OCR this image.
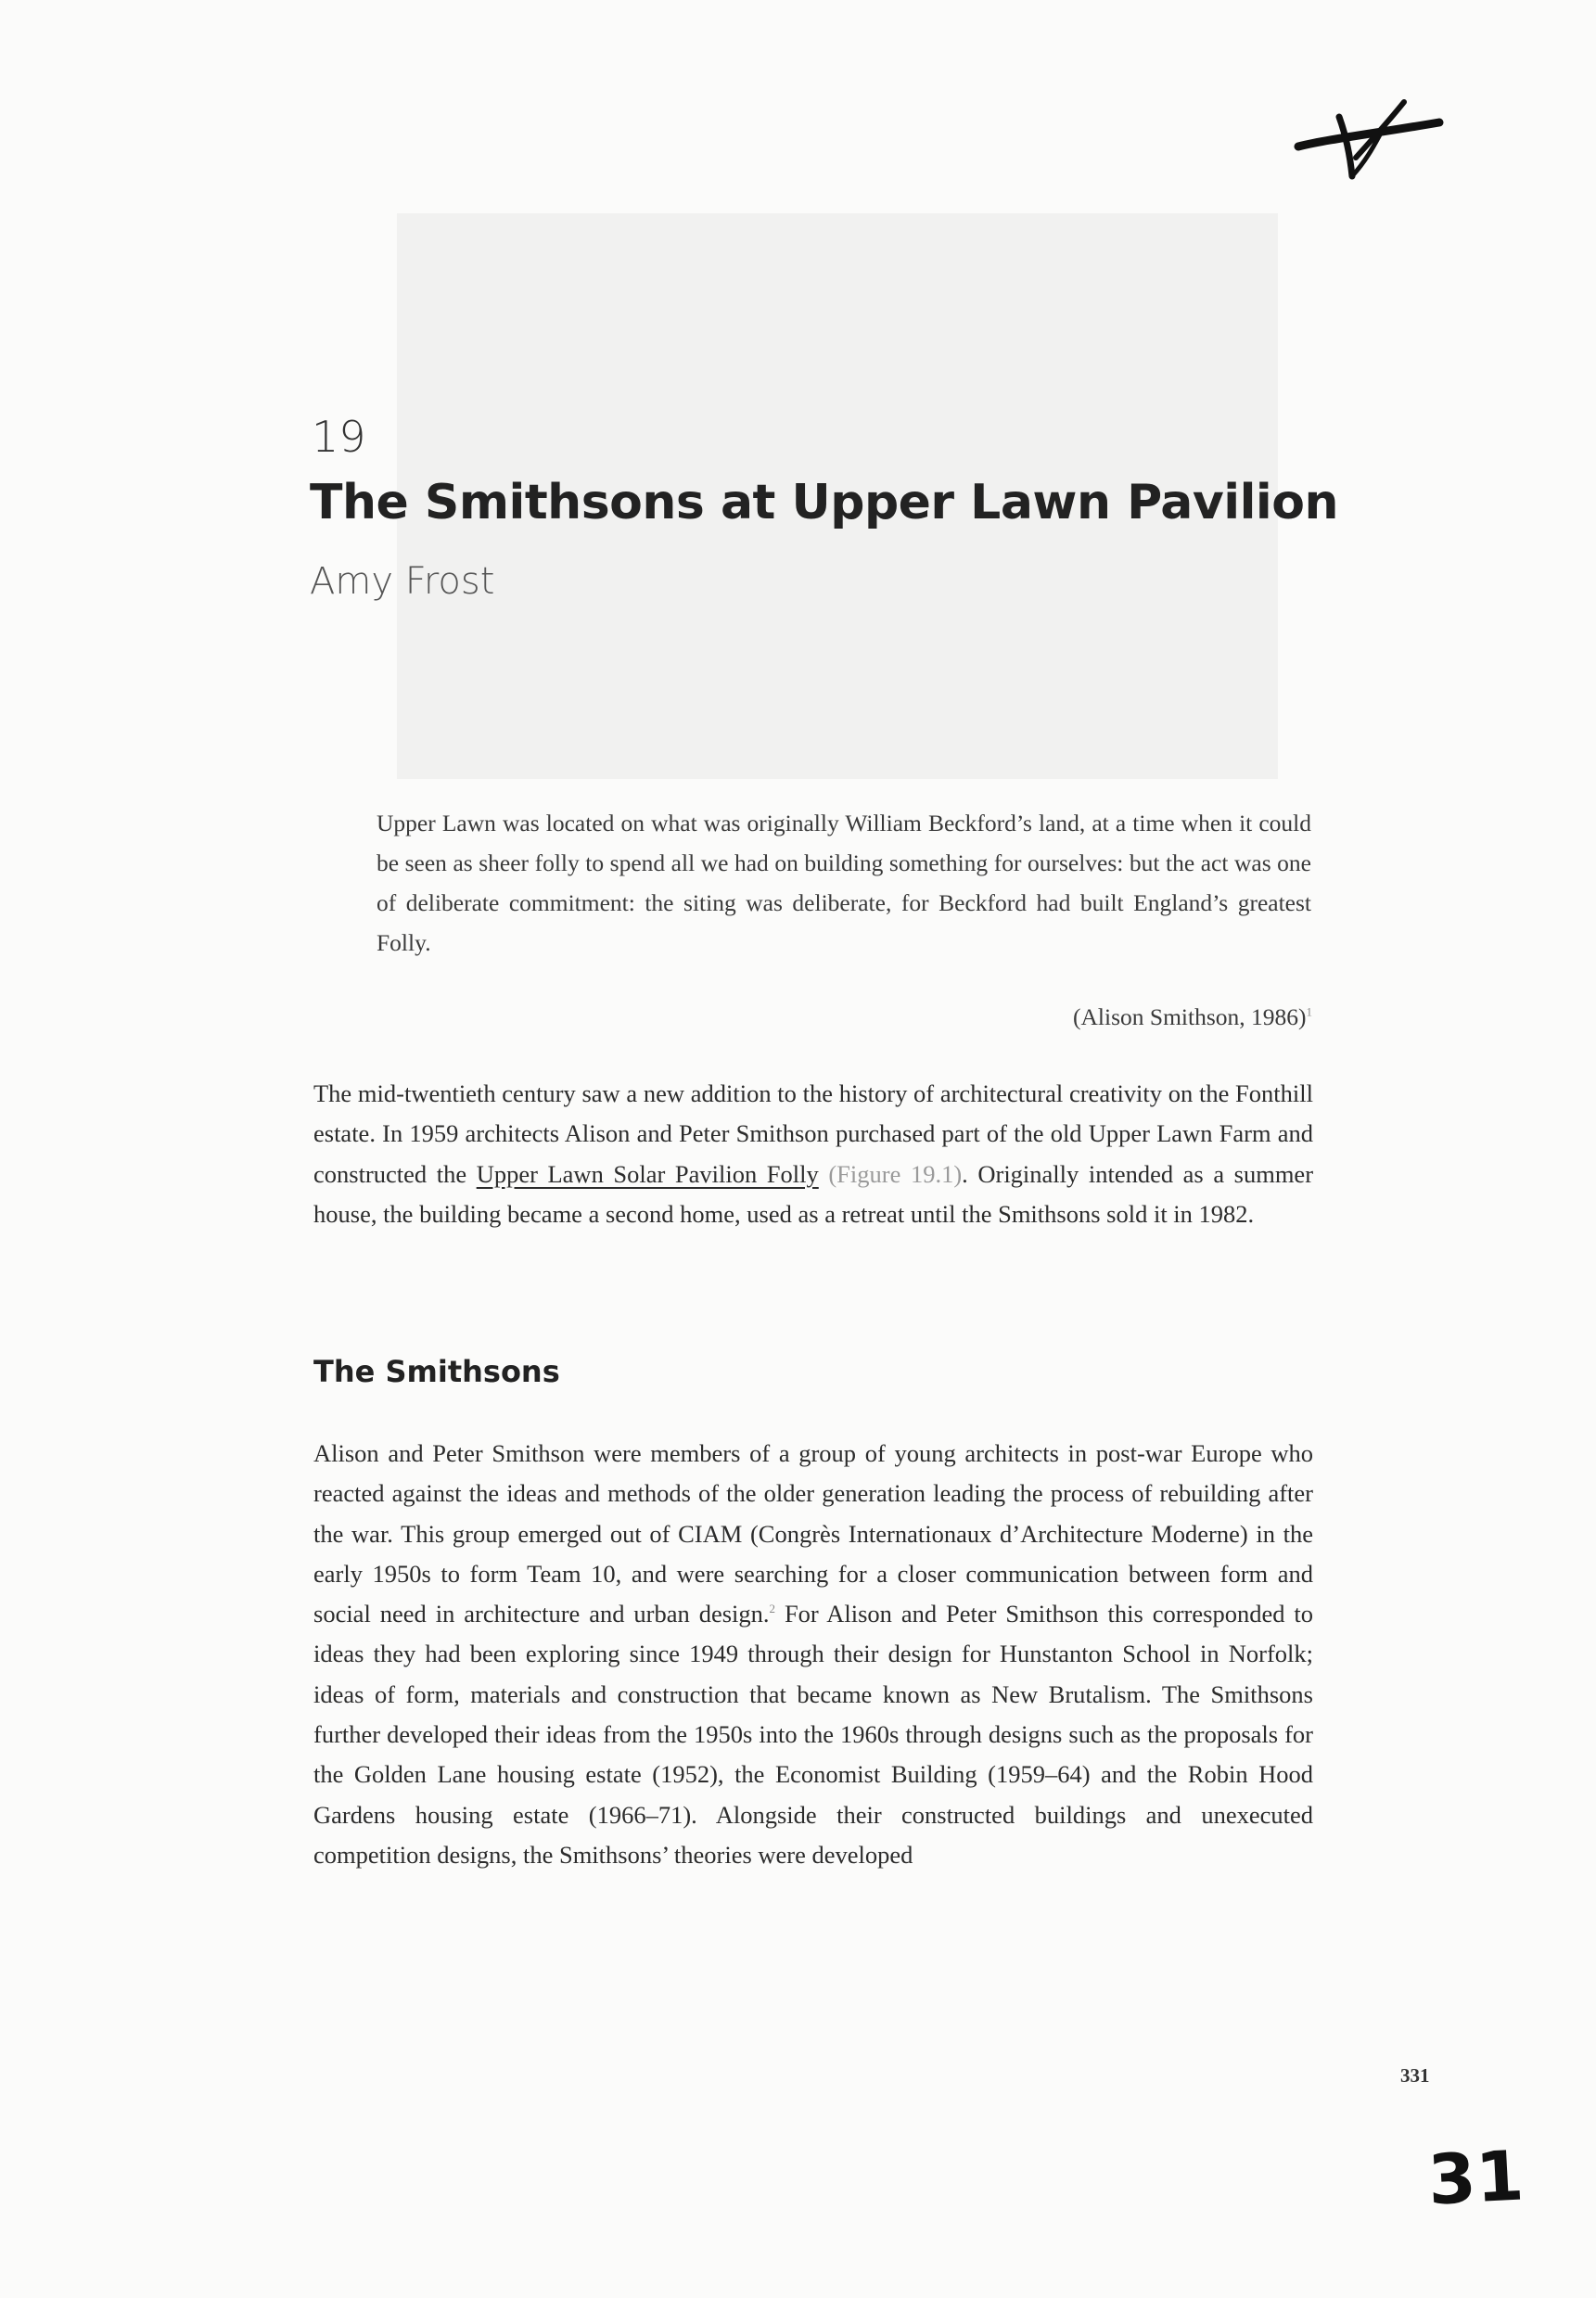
19
The Smithsons at Upper Lawn Pavilion
Amy Frost
Upper Lawn was located on what was originally William Beckford’s land, at a time when it could be seen as sheer folly to spend all we had on building something for ourselves: but the act was one of deliberate commitment: the siting was deliberate, for Beckford had built England’s greatest Folly.
(Alison Smithson, 1986)$^1$
The mid-twentieth century saw a new addition to the history of architectural creativity on the Fonthill estate. In 1959 architects Alison and Peter Smithson purchased part of the old Upper Lawn Farm and constructed the Upper Lawn Solar Pavilion Folly (Figure 19.1). Originally intended as a summer house, the building became a second home, used as a retreat until the Smithsons sold it in 1982.
The Smithsons
Alison and Peter Smithson were members of a group of young architects in post-war Europe who reacted against the ideas and methods of the older generation leading the process of rebuilding after the war. This group emerged out of CIAM (Congrès Internationaux d’Architecture Moderne) in the early 1950s to form Team 10, and were searching for a closer communication between form and social need in architecture and urban design.$^2$ For Alison and Peter Smithson this corresponded to ideas they had been exploring since 1949 through their design for Hunstanton School in Norfolk; ideas of form, materials and construction that became known as New Brutalism. The Smithsons further developed their ideas from the 1950s into the 1960s through designs such as the proposals for the Golden Lane housing estate (1952), the Economist Building (1959–64) and the Robin Hood Gardens housing estate (1966–71). Alongside their constructed buildings and unexecuted competition designs, the Smithsons’ theories were developed
331
31
